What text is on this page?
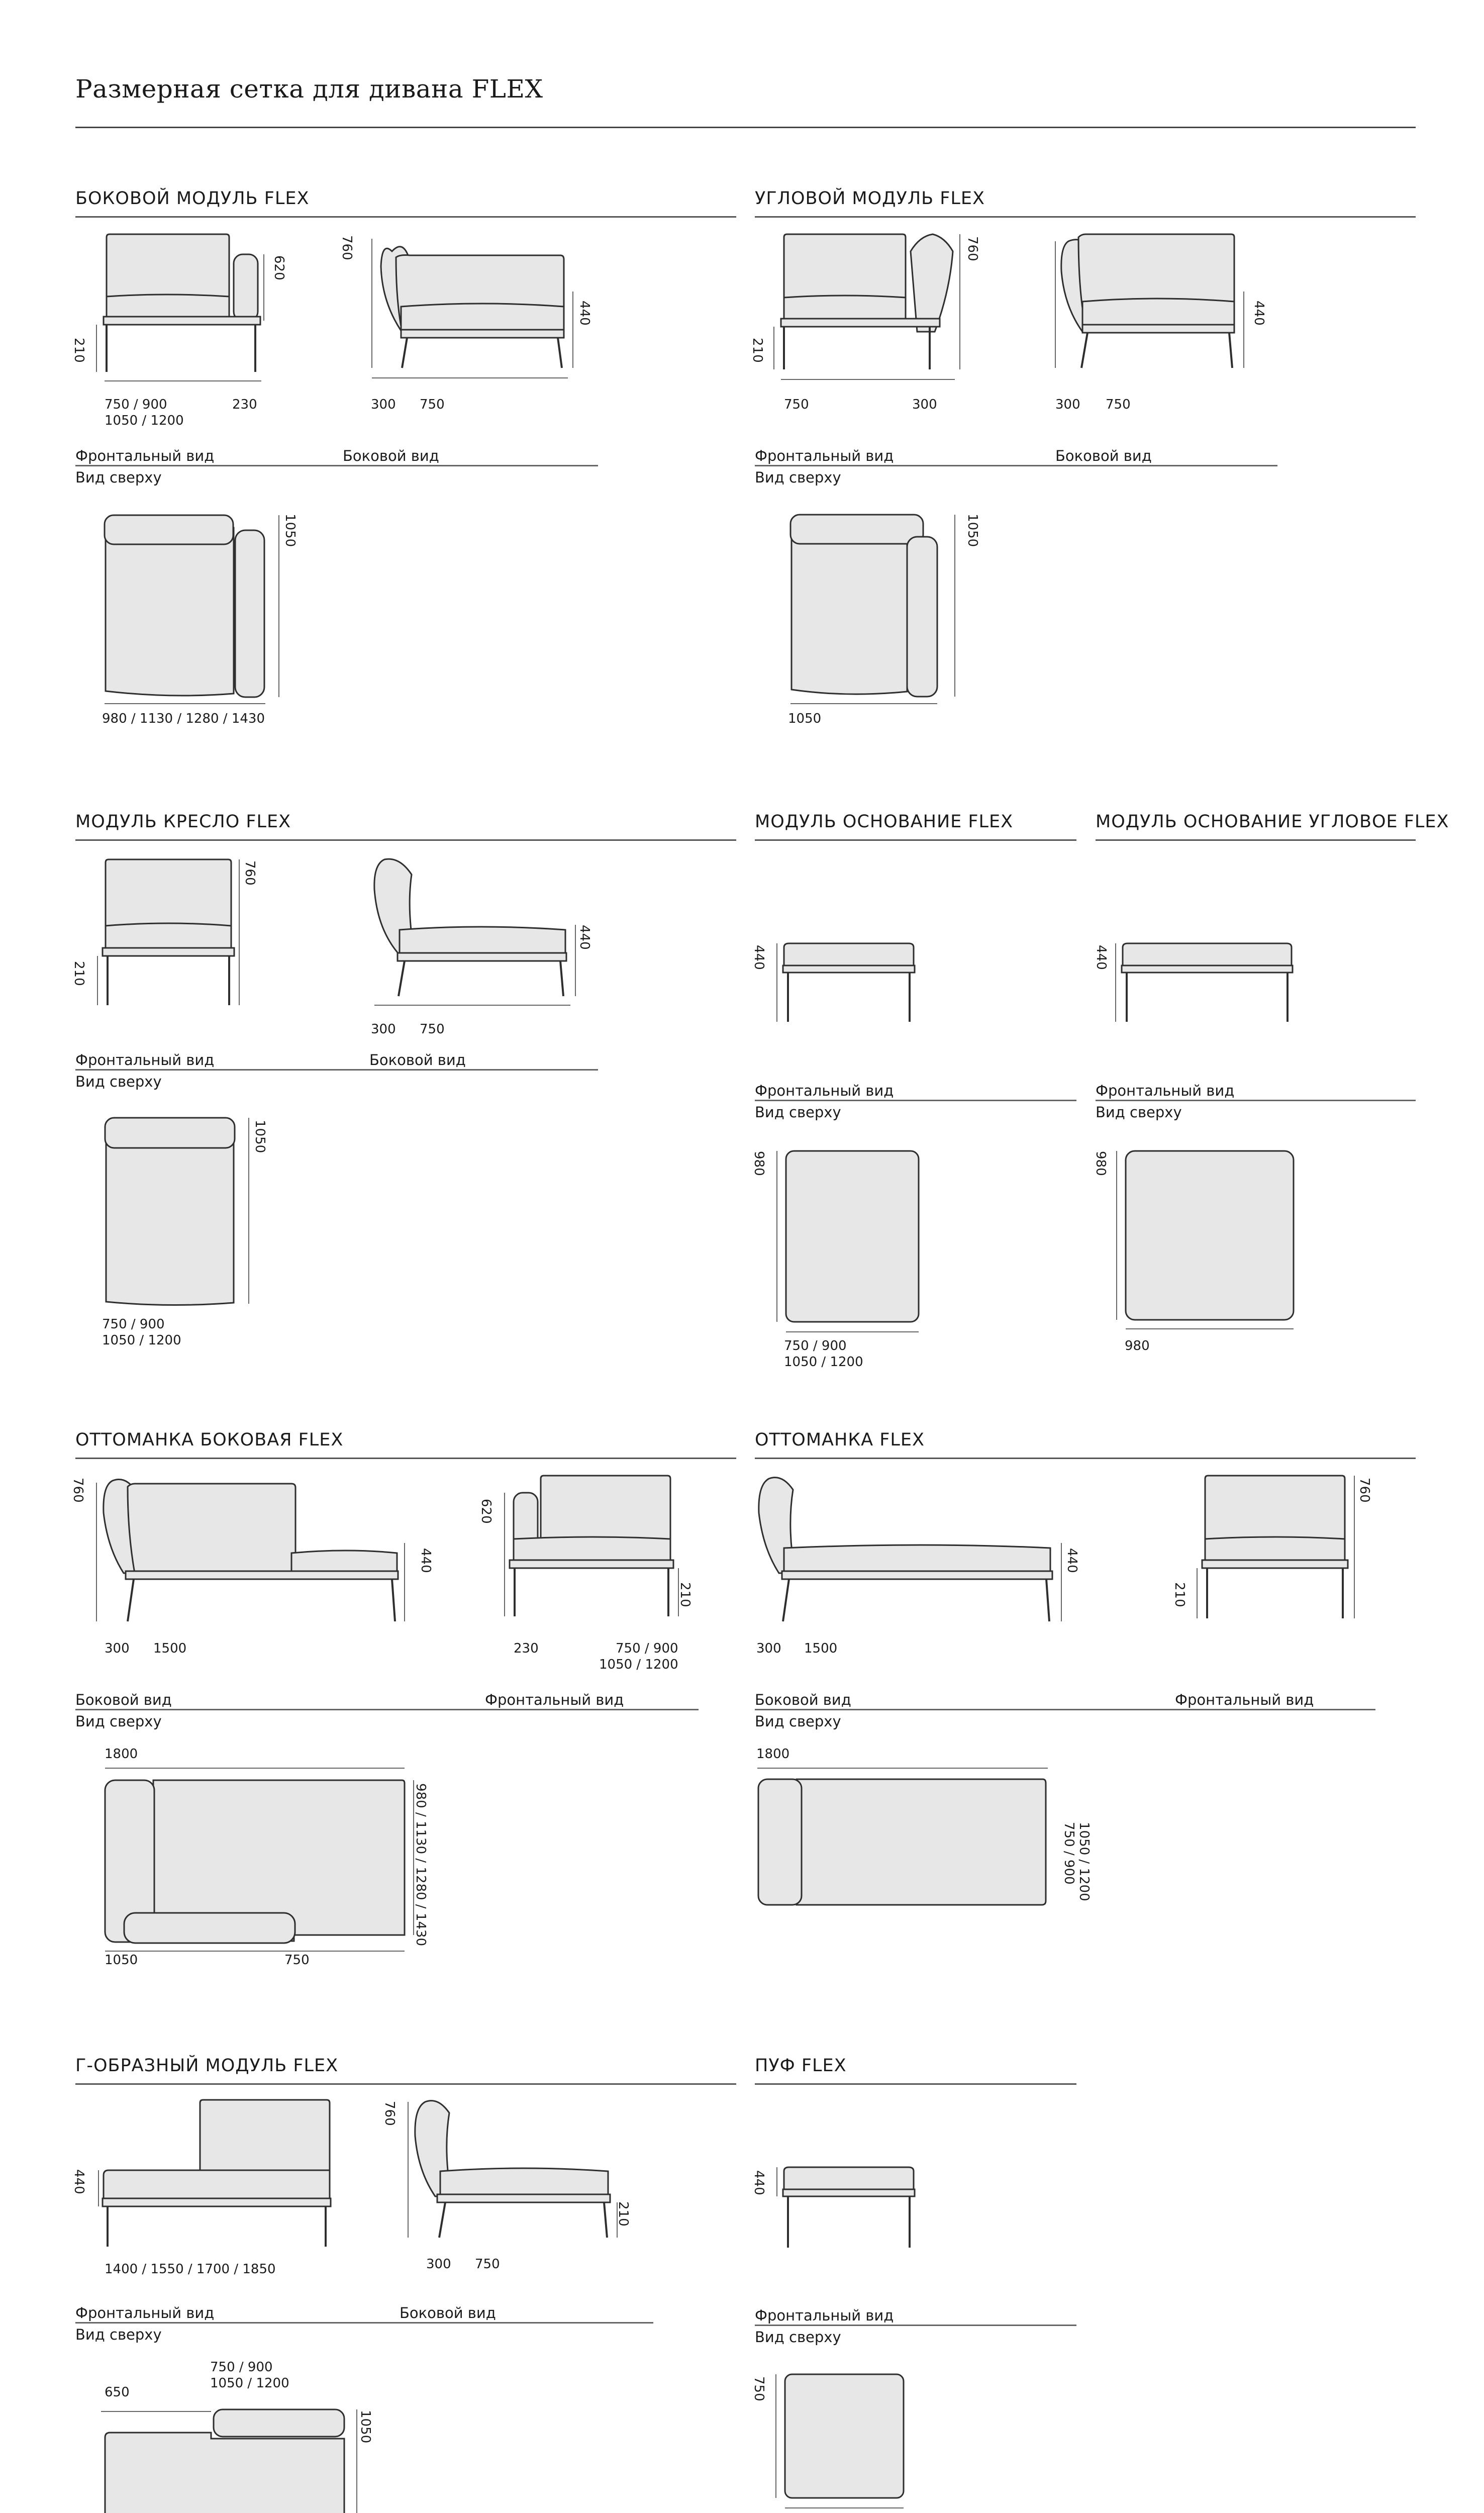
Размерная сетка для дивана FLEX
БОКОВОЙ МОДУЛЬ FLEX
620
210
750 / 900
1050 / 1200
230
760
440
300 750
Фронтальный вид	Боковой вид
Вид сверху
1050
980 / 1130 / 1280 / 1430
УГЛОВОЙ МОДУЛЬ FLEX
760
210
750	300
440
300 750
Фронтальный вид	Боковой вид
Вид сверху
1050
1050
МОДУЛЬ КРЕСЛО FLEX
760
210
440
300 750
Фронтальный вид	Боковой вид
Вид сверху
1050
750 / 900
1050 / 1200
МОДУЛЬ ОСНОВАНИЕ FLEX
440
Фронтальный вид
Вид сверху
980
750 / 900
1050 / 1200
МОДУЛЬ ОСНОВАНИЕ УГЛОВОЕ FLEX
440
Фронтальный вид
Вид сверху
980
980
ОТТОМАНКА БОКОВАЯ FLEX
760
440
300 1500
620
210
230	750 / 900
1050 / 1200
Боковой вид	Фронтальный вид
Вид сверху
1800
980 / 1130 / 1280 / 1430
1050	750
ОТТОМАНКА FLEX
440
300 1500
760
210
Боковой вид	Фронтальный вид
Вид сверху
1800
750 / 900 1050 / 1200
Г-ОБРАЗНЫЙ МОДУЛЬ FLEX
440
1400 / 1550 / 1700 / 1850
760
210
300 750
Фронтальный вид	Боковой вид
Вид сверху
750 / 900
1050 / 1200
650
1050
ПУФ FLEX
440
Фронтальный вид
Вид сверху
750
